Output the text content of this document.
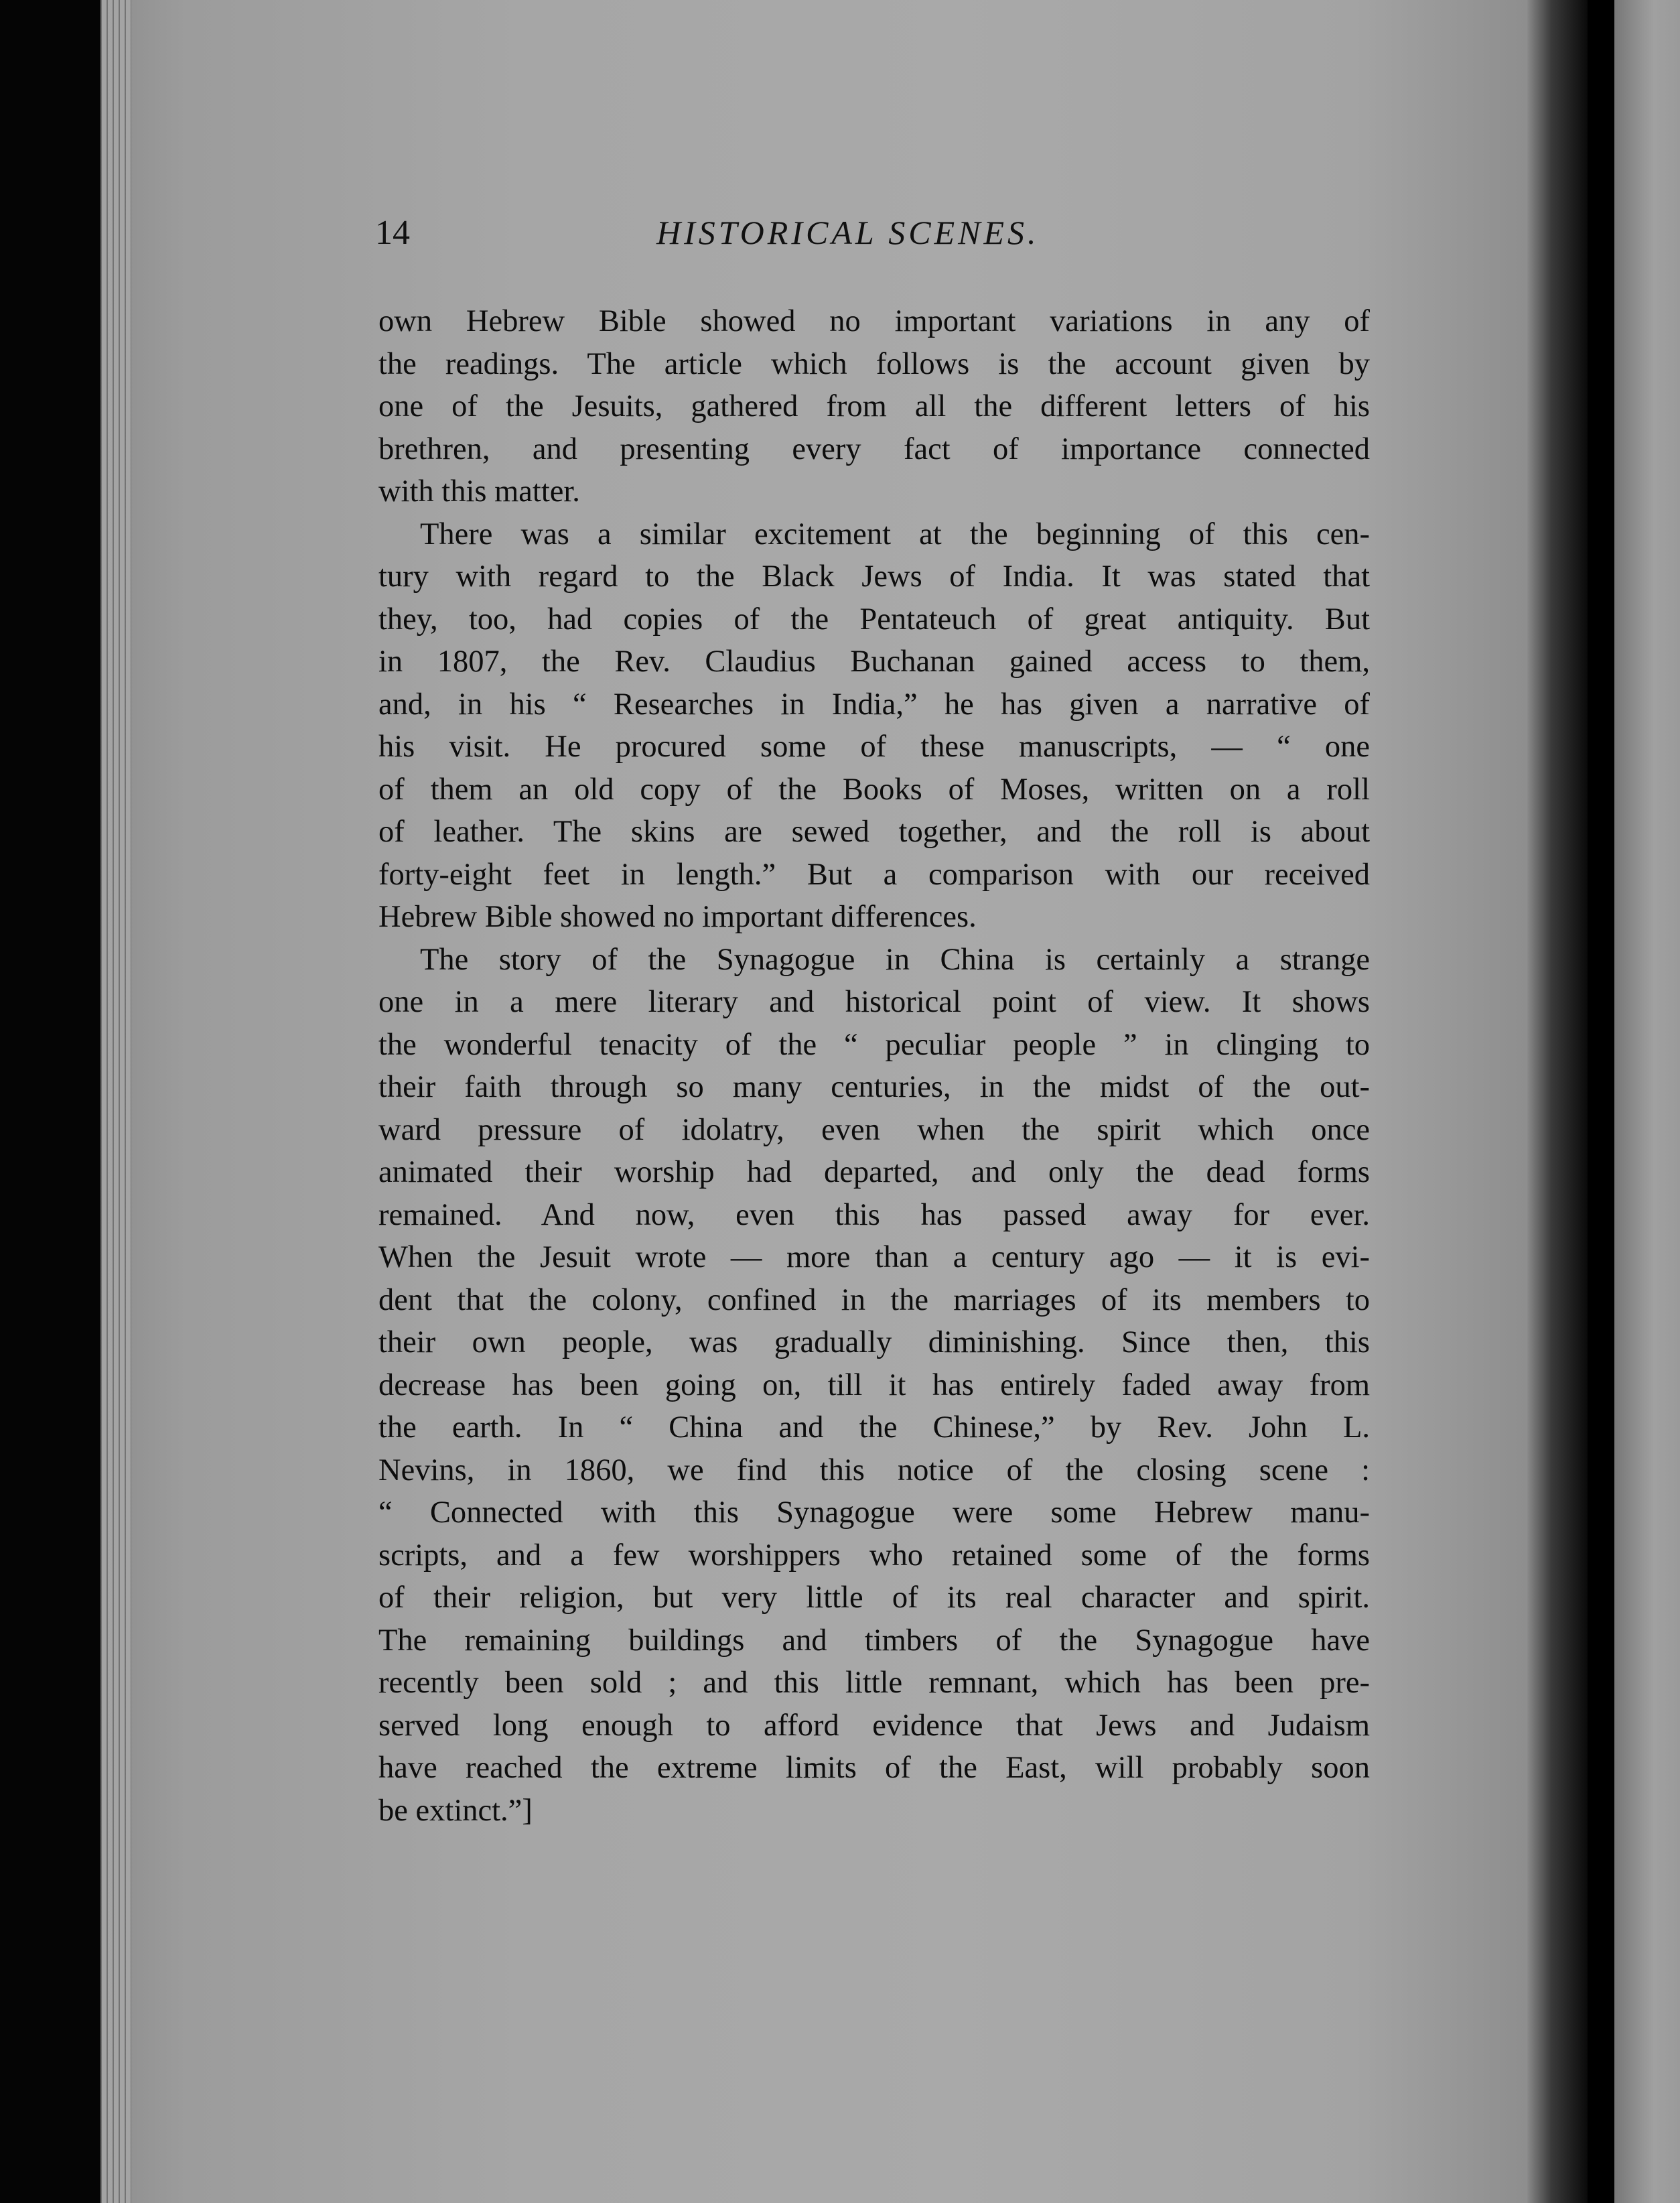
14	HISTORICAL SCENES.

own Hebrew Bible showed no important variations in any of
the readings. The article which follows is the account given by
one of the Jesuits, gathered from all the different letters of his
brethren, and presenting every fact of importance connected
with this matter.

There was a similar excitement at the beginning of this cen-
tury with regard to the Black Jews of India. It was stated that
they, too, had copies of the Pentateuch of great antiquity. But
in 1807, the Rev. Claudius Buchanan gained access to them,
and, in his “ Researches in India,” he has given a narrative of
his visit. He procured some of these manuscripts, — “ one
of them an old copy of the Books of Moses, written on a roll
of leather. The skins are sewed together, and the roll is about
forty-eight feet in length.” But a comparison with our received
Hebrew Bible showed no important differences.

The story of the Synagogue in China is certainly a strange
one in a mere literary and historical point of view. It shows
the wonderful tenacity of the “ peculiar people ” in clinging to
their faith through so many centuries, in the midst of the out-
ward pressure of idolatry, even when the spirit which once
animated their worship had departed, and only the dead forms
remained. And now, even this has passed away for ever.
When the Jesuit wrote — more than a century ago — it is evi-
dent that the colony, confined in the marriages of its members to
their own people, was gradually diminishing. Since then, this
decrease has been going on, till it has entirely faded away from
the earth. In “ China and the Chinese,” by Rev. John L.
Nevins, in 1860, we find this notice of the closing scene :
“ Connected with this Synagogue were some Hebrew manu-
scripts, and a few worshippers who retained some of the forms
of their religion, but very little of its real character and spirit.
The remaining buildings and timbers of the Synagogue have
recently been sold ; and this little remnant, which has been pre-
served long enough to afford evidence that Jews and Judaism
have reached the extreme limits of the East, will probably soon
be extinct.”]
